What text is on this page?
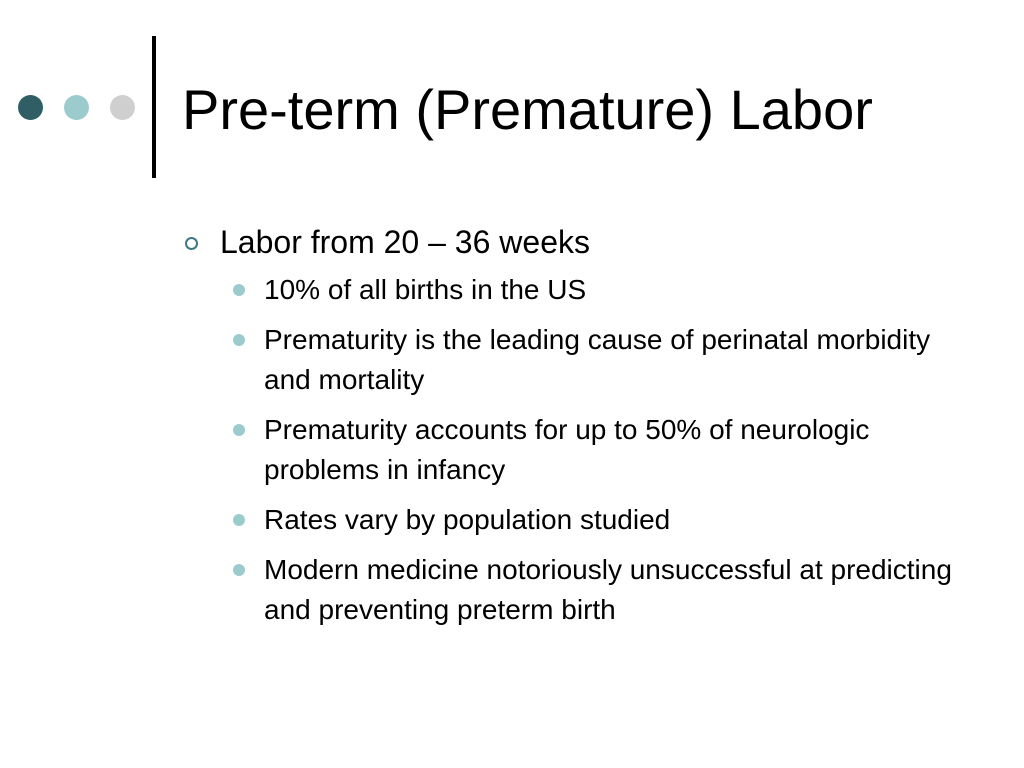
Pre-term (Premature) Labor
Labor from 20 – 36 weeks
10% of all births in the US
Prematurity is the leading cause of perinatal morbidity and mortality
Prematurity accounts for up to 50% of neurologic problems in infancy
Rates vary by population studied
Modern medicine notoriously unsuccessful at predicting and preventing preterm birth
